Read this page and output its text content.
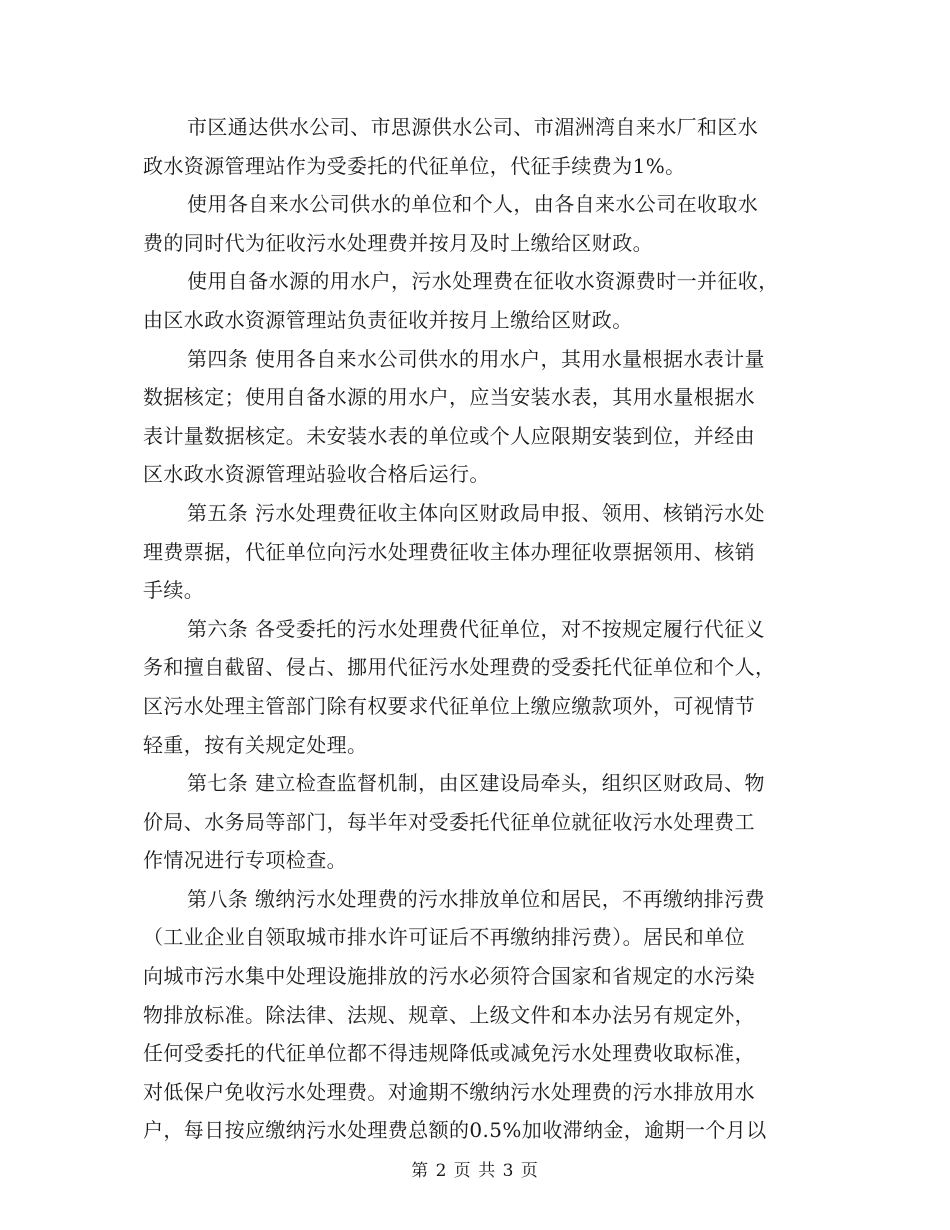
市区通达供水公司、市思源供水公司、市湄洲湾自来水厂和区水
政水资源管理站作为受委托的代征单位，代征手续费为1%。

使用各自来水公司供水的单位和个人，由各自来水公司在收取水
费的同时代为征收污水处理费并按月及时上缴给区财政。

使用自备水源的用水户，污水处理费在征收水资源费时一并征收，
由区水政水资源管理站负责征收并按月上缴给区财政。

第四条 使用各自来水公司供水的用水户，其用水量根据水表计量
数据核定；使用自备水源的用水户，应当安装水表，其用水量根据水
表计量数据核定。未安装水表的单位或个人应限期安装到位，并经由
区水政水资源管理站验收合格后运行。

第五条 污水处理费征收主体向区财政局申报、领用、核销污水处
理费票据，代征单位向污水处理费征收主体办理征收票据领用、核销
手续。

第六条 各受委托的污水处理费代征单位，对不按规定履行代征义
务和擅自截留、侵占、挪用代征污水处理费的受委托代征单位和个人，
区污水处理主管部门除有权要求代征单位上缴应缴款项外，可视情节
轻重，按有关规定处理。

第七条 建立检查监督机制，由区建设局牵头，组织区财政局、物
价局、水务局等部门，每半年对受委托代征单位就征收污水处理费工
作情况进行专项检查。

第八条 缴纳污水处理费的污水排放单位和居民，不再缴纳排污费
（工业企业自领取城市排水许可证后不再缴纳排污费）。居民和单位
向城市污水集中处理设施排放的污水必须符合国家和省规定的水污染
物排放标准。除法律、法规、规章、上级文件和本办法另有规定外，
任何受委托的代征单位都不得违规降低或减免污水处理费收取标准，
对低保户免收污水处理费。对逾期不缴纳污水处理费的污水排放用水
户，每日按应缴纳污水处理费总额的0.5%加收滞纳金，逾期一个月以

第 2 页 共 3 页
